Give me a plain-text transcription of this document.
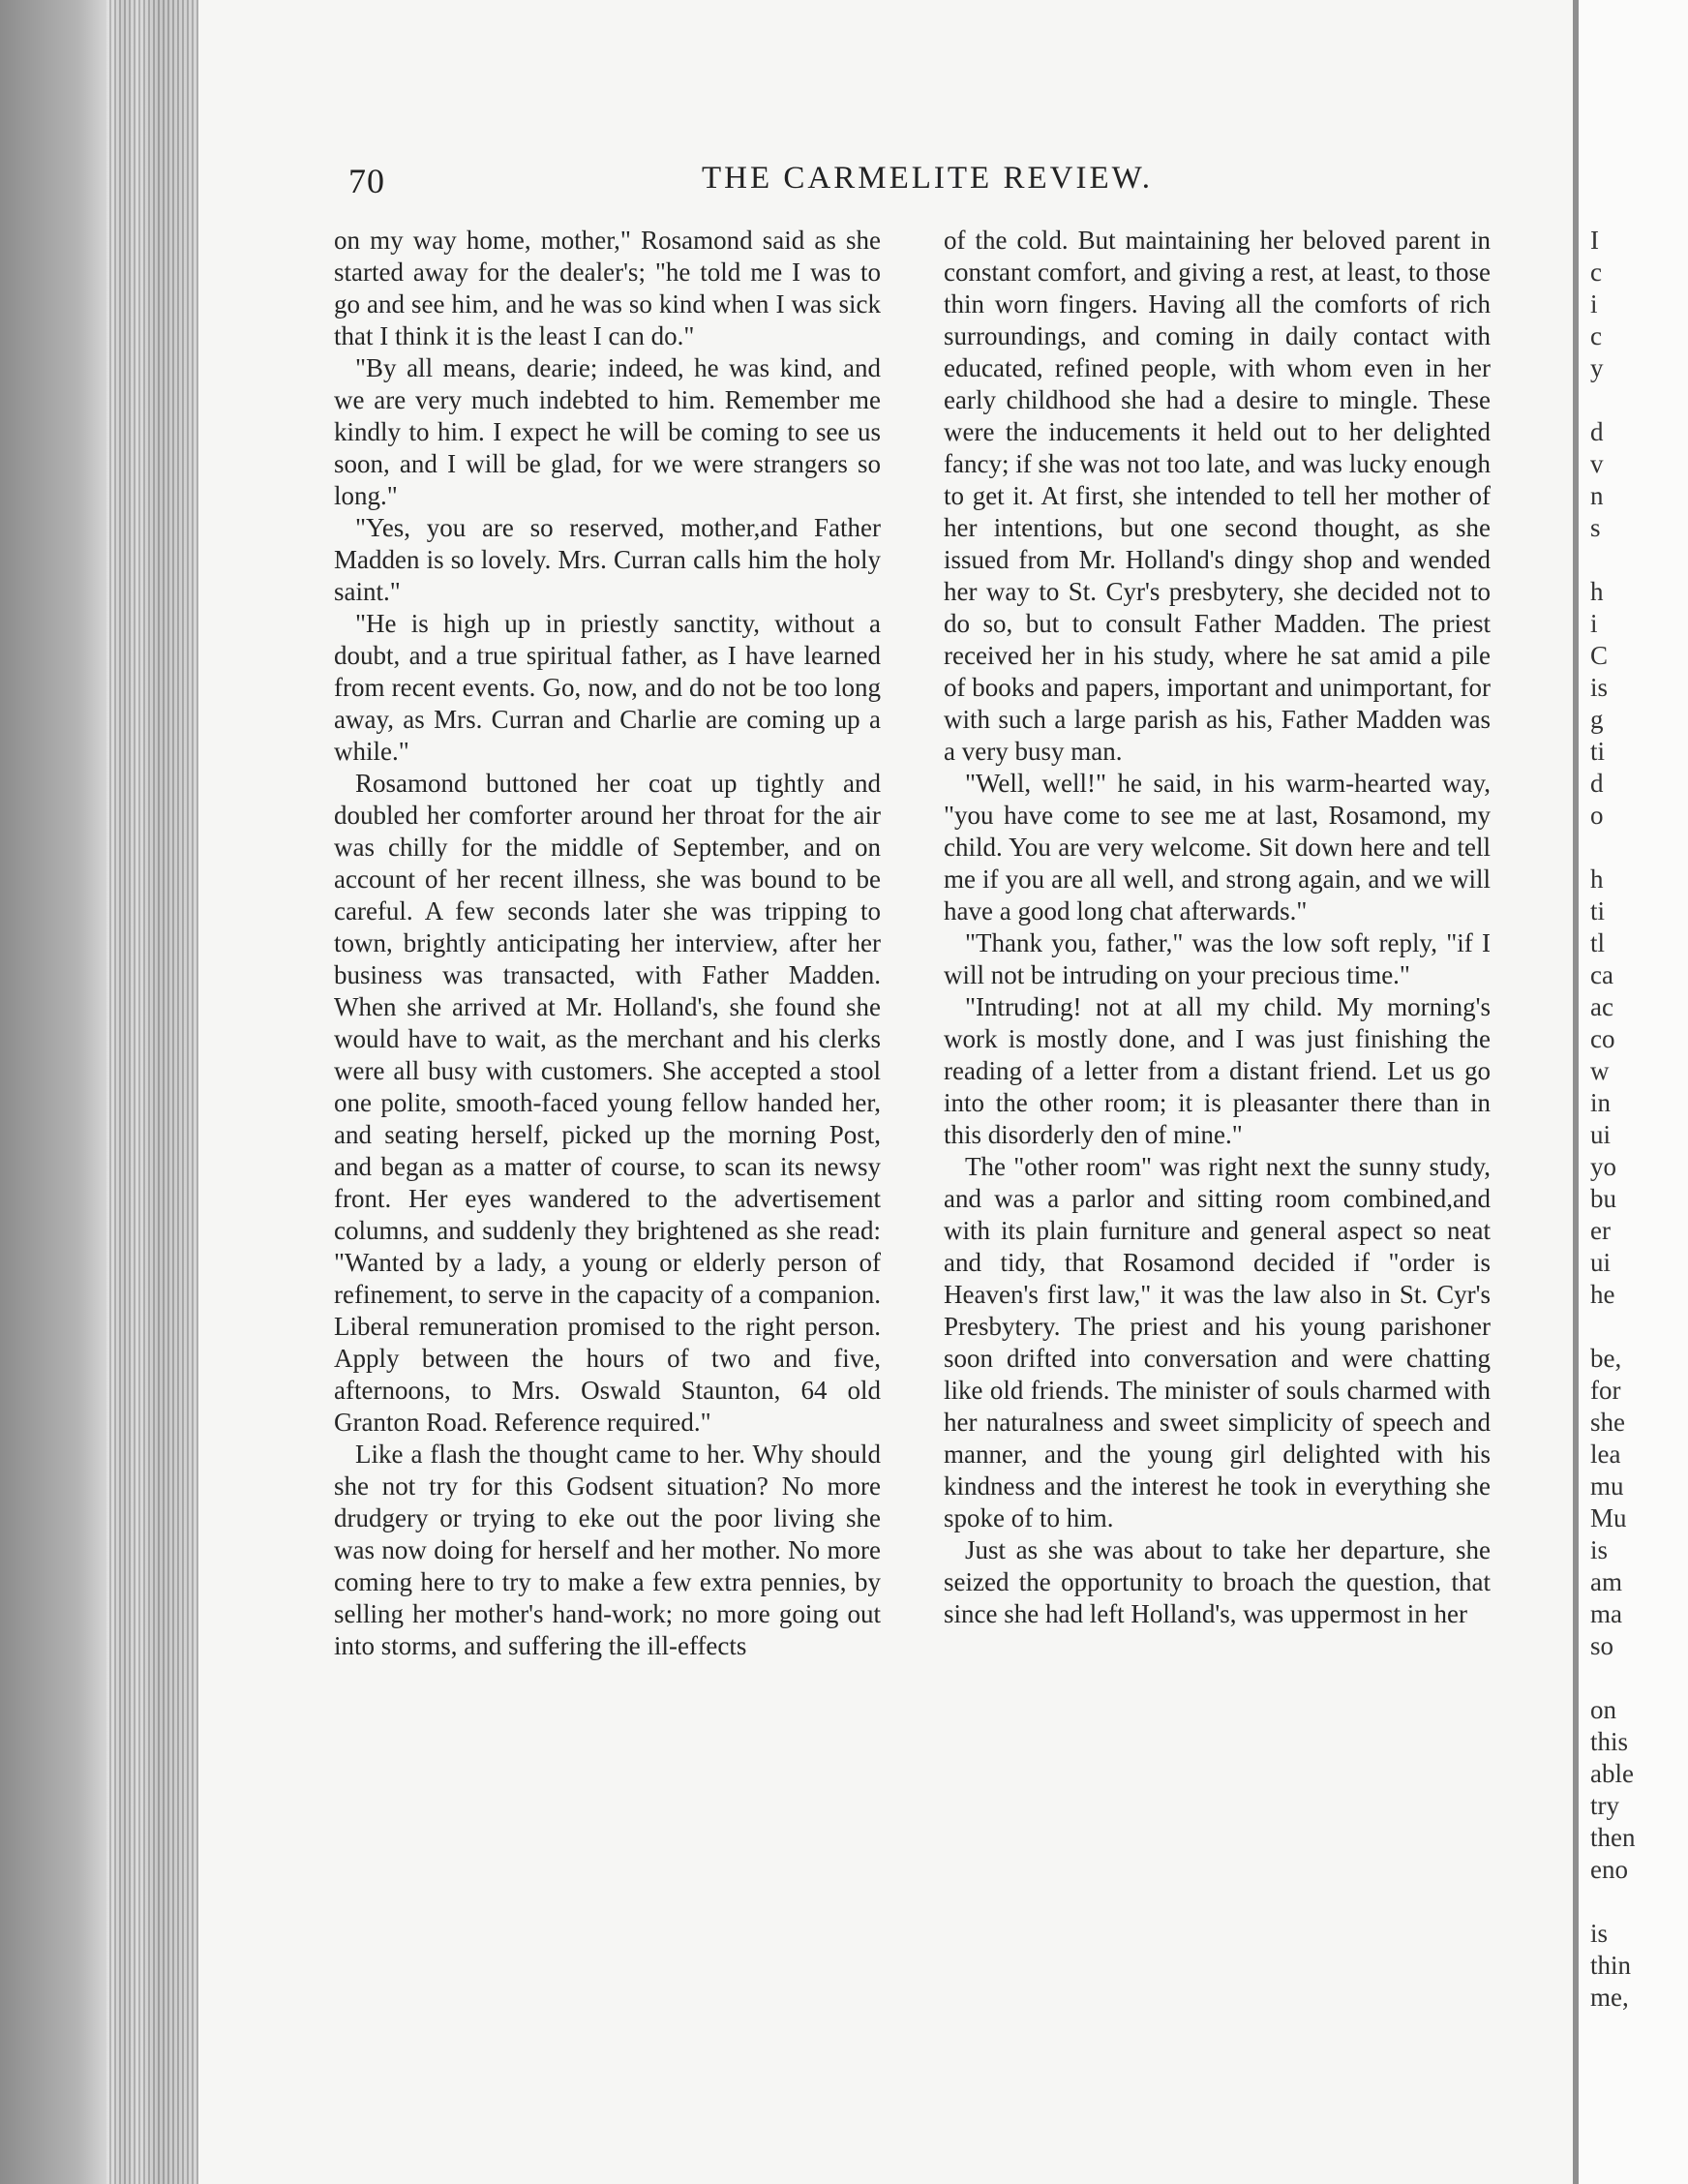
70	THE CARMELITE REVIEW.

on my way home, mother," Rosamond said as she started away for the dealer's; "he told me I was to go and see him, and he was so kind when I was sick that I think it is the least I can do."

"By all means, dearie; indeed, he was kind, and we are very much indebted to him. Remember me kindly to him. I expect he will be coming to see us soon, and I will be glad, for we were strangers so long."

"Yes, you are so reserved, mother,and Father Madden is so lovely. Mrs. Curran calls him the holy saint."

"He is high up in priestly sanctity, without a doubt, and a true spiritual father, as I have learned from recent events. Go, now, and do not be too long away, as Mrs. Curran and Charlie are coming up a while."

Rosamond buttoned her coat up tightly and doubled her comforter around her throat for the air was chilly for the middle of September, and on account of her recent illness, she was bound to be careful. A few seconds later she was tripping to town, brightly anticipating her interview, after her business was transacted, with Father Madden. When she arrived at Mr. Holland's, she found she would have to wait, as the merchant and his clerks were all busy with customers. She accepted a stool one polite, smooth-faced young fellow handed her, and seating herself, picked up the morning Post, and began as a matter of course, to scan its newsy front. Her eyes wandered to the advertisement columns, and suddenly they brightened as she read: "Wanted by a lady, a young or elderly person of refinement, to serve in the capacity of a companion. Liberal remuneration promised to the right person. Apply between the hours of two and five, afternoons, to Mrs. Oswald Staunton, 64 old Granton Road. Reference required."

Like a flash the thought came to her. Why should she not try for this Godsent situation? No more drudgery or trying to eke out the poor living she was now doing for herself and her mother. No more coming here to try to make a few extra pennies, by selling her mother's hand-work; no more going out into storms, and suffering the ill-effects

of the cold. But maintaining her beloved parent in constant comfort, and giving a rest, at least, to those thin worn fingers. Having all the comforts of rich surroundings, and coming in daily contact with educated, refined people, with whom even in her early childhood she had a desire to mingle. These were the inducements it held out to her delighted fancy; if she was not too late, and was lucky enough to get it. At first, she intended to tell her mother of her intentions, but one second thought, as she issued from Mr. Holland's dingy shop and wended her way to St. Cyr's presbytery, she decided not to do so, but to consult Father Madden. The priest received her in his study, where he sat amid a pile of books and papers, important and unimportant, for with such a large parish as his, Father Madden was a very busy man.

"Well, well!" he said, in his warm-hearted way, "you have come to see me at last, Rosamond, my child. You are very welcome. Sit down here and tell me if you are all well, and strong again, and we will have a good long chat afterwards."

"Thank you, father," was the low soft reply, "if I will not be intruding on your precious time."

"Intruding! not at all my child. My morning's work is mostly done, and I was just finishing the reading of a letter from a distant friend. Let us go into the other room; it is pleasanter there than in this disorderly den of mine."

The "other room" was right next the sunny study, and was a parlor and sitting room combined,and with its plain furniture and general aspect so neat and tidy, that Rosamond decided if "order is Heaven's first law," it was the law also in St. Cyr's Presbytery. The priest and his young parishoner soon drifted into conversation and were chatting like old friends. The minister of souls charmed with her naturalness and sweet simplicity of speech and manner, and the young girl delighted with his kindness and the interest he took in everything she spoke of to him.

Just as she was about to take her departure, she seized the opportunity to broach the question, that since she had left Holland's, was uppermost in her

I
c
i
c
y
d
v
n
s
h
i
C
is
g
ti
d
o
h
ti
tl
ca
ac
co
w
in
ui
yo
bu
er
ui
he
be,
for
she
lea
mu
Mu
is
am
ma
so
on
this
able
try
then
eno
is
thin
me,
